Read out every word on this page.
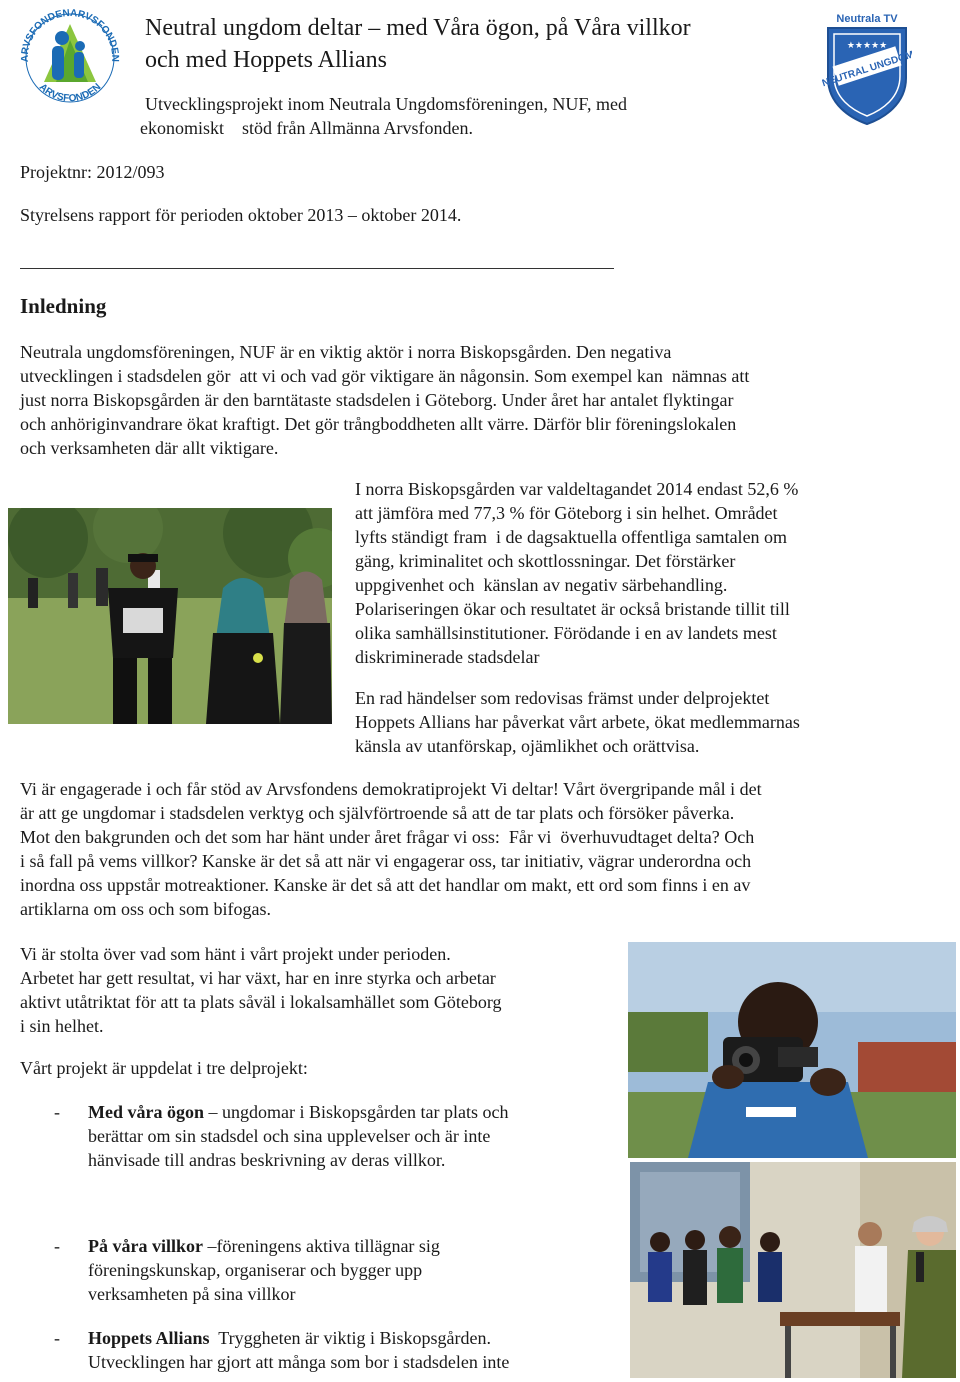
ARVSFONDEN ARVSFONDEN
ARVSFONDEN
Neutrala TV
★★★★★
NEUTRAL UNGDOM
Neutral ungdom deltar – med Våra ögon, på Våra villkor
och med Hoppets Allians
Utvecklingsprojekt inom Neutrala Ungdomsföreningen, NUF, med
ekonomiskt    stöd från Allmänna Arvsfonden.
Projektnr: 2012/093
Styrelsens rapport för perioden oktober 2013 – oktober 2014.
Inledning
Neutrala ungdomsföreningen, NUF är en viktig aktör i norra Biskopsgården. Den negativa
utvecklingen i stadsdelen gör  att vi och vad gör viktigare än någonsin. Som exempel kan  nämnas att
just norra Biskopsgården är den barntätaste stadsdelen i Göteborg. Under året har antalet flyktingar
och anhöriginvandrare ökat kraftigt. Det gör trångboddheten allt värre. Därför blir föreningslokalen
och verksamheten där allt viktigare.
I norra Biskopsgården var valdeltagandet 2014 endast 52,6 %
att jämföra med 77,3 % för Göteborg i sin helhet. Området
lyfts ständigt fram  i de dagsaktuella offentliga samtalen om
gäng, kriminalitet och skottlossningar. Det förstärker
uppgivenhet och  känslan av negativ särbehandling.
Polariseringen ökar och resultatet är också bristande tillit till
olika samhällsinstitutioner. Förödande i en av landets mest
diskriminerade stadsdelar
En rad händelser som redovisas främst under delprojektet
Hoppets Allians har påverkat vårt arbete, ökat medlemmarnas
känsla av utanförskap, ojämlikhet och orättvisa.
Vi är engagerade i och får stöd av Arvsfondens demokratiprojekt Vi deltar! Vårt övergripande mål i det
är att ge ungdomar i stadsdelen verktyg och självförtroende så att de tar plats och försöker påverka.
Mot den bakgrunden och det som har hänt under året frågar vi oss:  Får vi  överhuvudtaget delta? Och
i så fall på vems villkor? Kanske är det så att när vi engagerar oss, tar initiativ, vägrar underordna och
inordna oss uppstår motreaktioner. Kanske är det så att det handlar om makt, ett ord som finns i en av
artiklarna om oss och som bifogas.
Vi är stolta över vad som hänt i vårt projekt under perioden.
Arbetet har gett resultat, vi har växt, har en inre styrka och arbetar
aktivt utåtriktat för att ta plats såväl i lokalsamhället som Göteborg
i sin helhet.
Vårt projekt är uppdelat i tre delprojekt:
- Med våra ögon – ungdomar i Biskopsgården tar plats och
berättar om sin stadsdel och sina upplevelser och är inte
hänvisade till andras beskrivning av deras villkor.
- På våra villkor –föreningens aktiva tillägnar sig
föreningskunskap, organiserar och bygger upp
verksamheten på sina villkor
- Hoppets Allians  Tryggheten är viktig i Biskopsgården.
Utvecklingen har gjort att många som bor i stadsdelen inte
